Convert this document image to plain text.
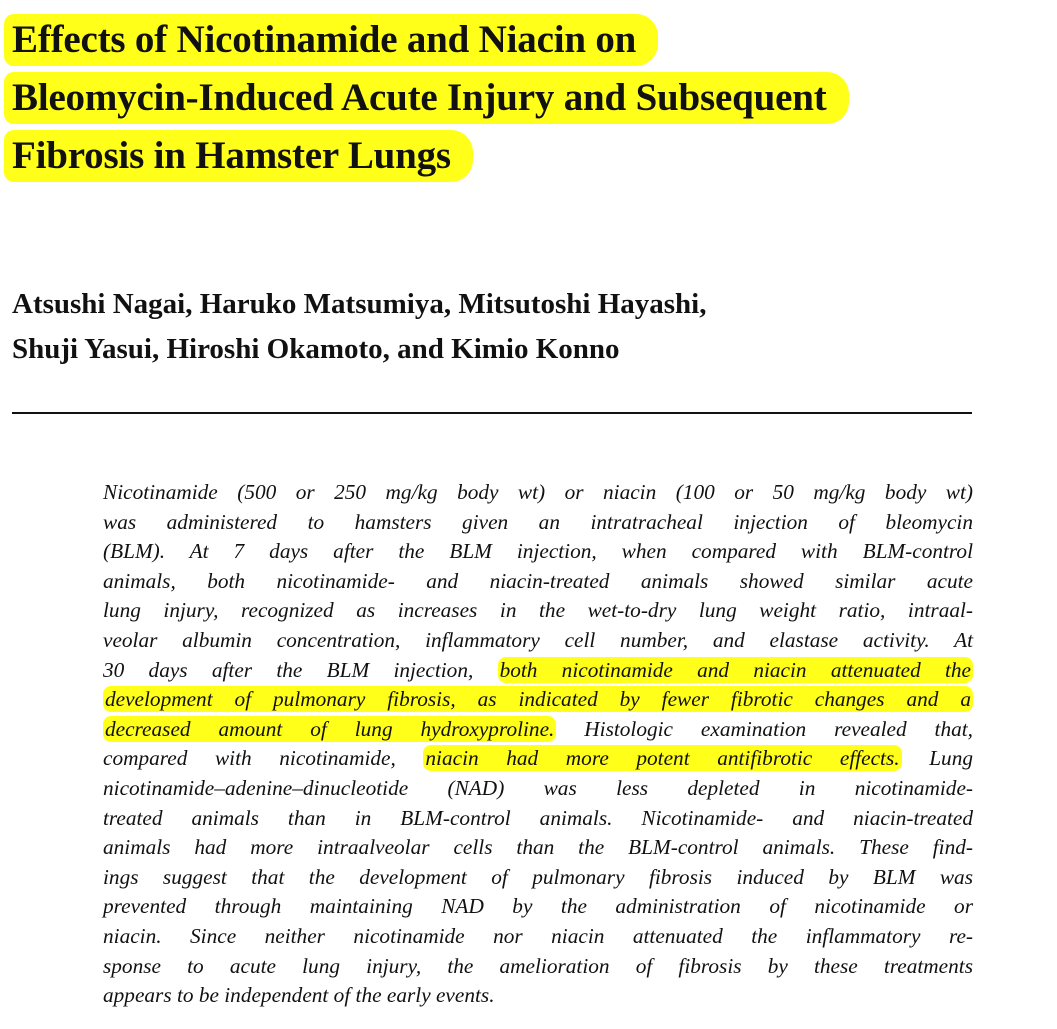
Effects of Nicotinamide and Niacin on
Bleomycin-Induced Acute Injury and Subsequent
Fibrosis in Hamster Lungs
Atsushi Nagai, Haruko Matsumiya, Mitsutoshi Hayashi,
Shuji Yasui, Hiroshi Okamoto, and Kimio Konno
Nicotinamide (500 or 250 mg/kg body wt) or niacin (100 or 50 mg/kg body wt)
was administered to hamsters given an intratracheal injection of bleomycin
(BLM). At 7 days after the BLM injection, when compared with BLM-control
animals, both nicotinamide- and niacin-treated animals showed similar acute
lung injury, recognized as increases in the wet-to-dry lung weight ratio, intraal-
veolar albumin concentration, inflammatory cell number, and elastase activity. At
30 days after the BLM injection, both nicotinamide and niacin attenuated the
development of pulmonary fibrosis, as indicated by fewer fibrotic changes and a
decreased amount of lung hydroxyproline. Histologic examination revealed that,
compared with nicotinamide, niacin had more potent antifibrotic effects. Lung
nicotinamide–adenine–dinucleotide (NAD) was less depleted in nicotinamide-
treated animals than in BLM-control animals. Nicotinamide- and niacin-treated
animals had more intraalveolar cells than the BLM-control animals. These find-
ings suggest that the development of pulmonary fibrosis induced by BLM was
prevented through maintaining NAD by the administration of nicotinamide or
niacin. Since neither nicotinamide nor niacin attenuated the inflammatory re-
sponse to acute lung injury, the amelioration of fibrosis by these treatments
appears to be independent of the early events.
